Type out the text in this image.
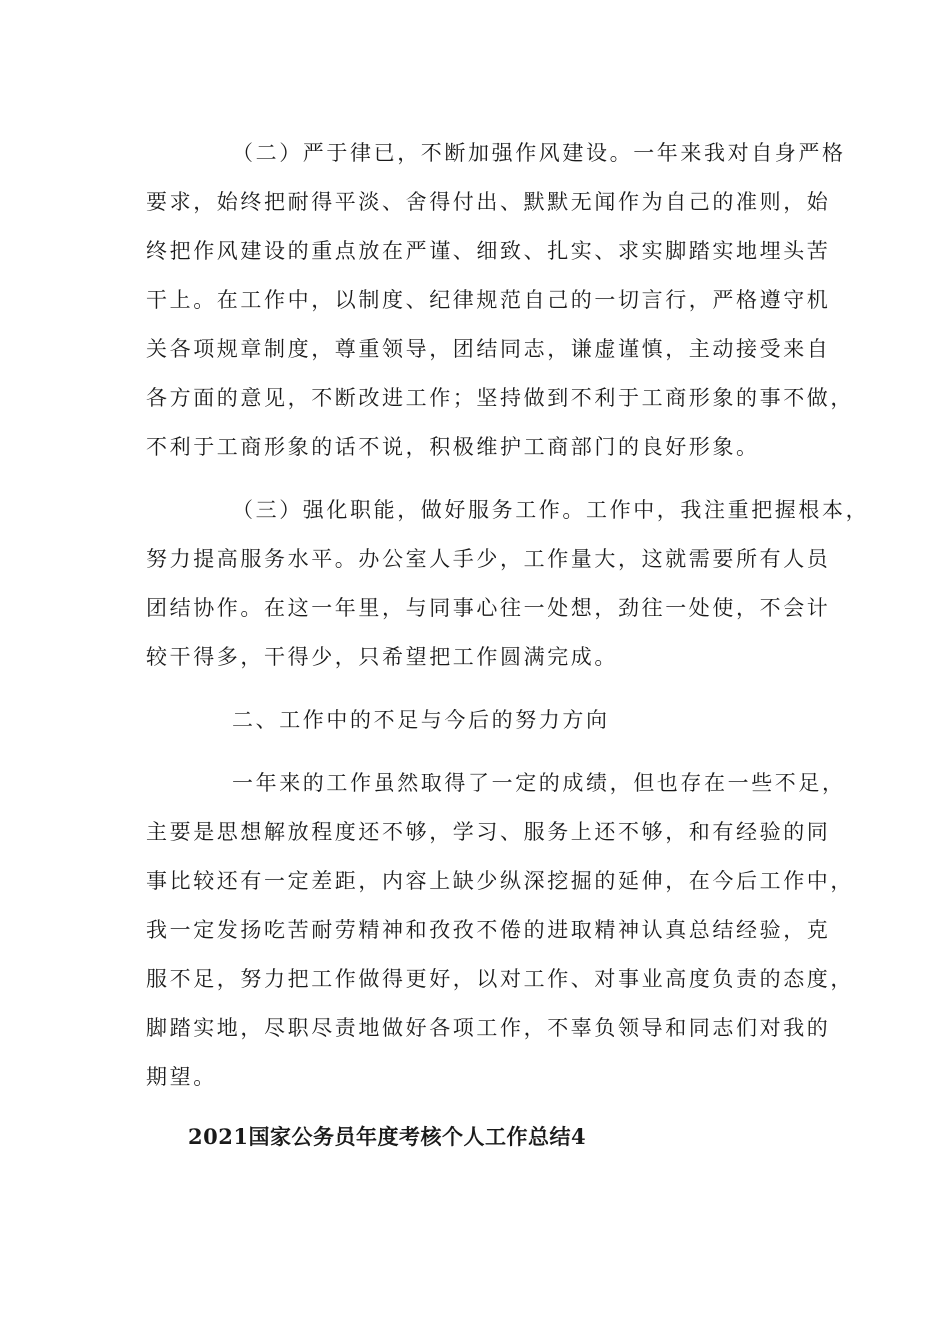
（二）严于律已，不断加强作风建设。一年来我对自身严格
要求，始终把耐得平淡、舍得付出、默默无闻作为自己的准则，始
终把作风建设的重点放在严谨、细致、扎实、求实脚踏实地埋头苦
干上。在工作中，以制度、纪律规范自己的一切言行，严格遵守机
关各项规章制度，尊重领导，团结同志，谦虚谨慎，主动接受来自
各方面的意见，不断改进工作；坚持做到不利于工商形象的事不做，
不利于工商形象的话不说，积极维护工商部门的良好形象。
（三）强化职能，做好服务工作。工作中，我注重把握根本，
努力提高服务水平。办公室人手少，工作量大，这就需要所有人员
团结协作。在这一年里，与同事心往一处想，劲往一处使，不会计
较干得多，干得少，只希望把工作圆满完成。
二、工作中的不足与今后的努力方向
一年来的工作虽然取得了一定的成绩，但也存在一些不足，
主要是思想解放程度还不够，学习、服务上还不够，和有经验的同
事比较还有一定差距，内容上缺少纵深挖掘的延伸，在今后工作中，
我一定发扬吃苦耐劳精神和孜孜不倦的进取精神认真总结经验，克
服不足，努力把工作做得更好，以对工作、对事业高度负责的态度，
脚踏实地，尽职尽责地做好各项工作，不辜负领导和同志们对我的
期望。
2021国家公务员年度考核个人工作总结4
